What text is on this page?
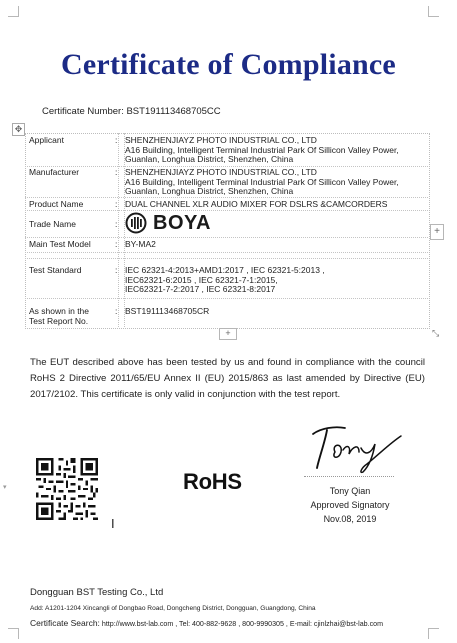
Certificate of Compliance
Certificate Number: BST191113468705CC
✥
Applicant	: SHENZHENJIAYZ PHOTO INDUSTRIAL CO., LTD
A16 Building, Intelligent Terminal Industrial Park Of Sillicon Valley Power,
Guanlan, Longhua District, Shenzhen, China
Manufacturer	: SHENZHENJIAYZ PHOTO INDUSTRIAL CO., LTD
A16 Building, Intelligent Terminal Industrial Park Of Sillicon Valley Power,
Guanlan, Longhua District, Shenzhen, China
Product Name	: DUAL CHANNEL XLR AUDIO MIXER FOR DSLRS &CAMCORDERS
Trade Name	: BOYA
Main Test Model	: BY-MA2
Test Standard	: IEC 62321-4:2013+AMD1:2017 , IEC 62321-5:2013 ,
IEC62321-6:2015 , IEC 62321-7-1:2015,
IEC62321-7-2:2017 , IEC 62321-8:2017
As shown in the
Test Report No.
: BST191113468705CR
+
+	⤡
The EUT described above has been tested by us and found in compliance with the council RoHS 2 Directive 2011/65/EU Annex II (EU) 2015/863 as last amended by Directive (EU) 2017/2102. This certificate is only valid in conjunction with the test report.
RoHS
I
Tony Qian
Approved Signatory
Nov.08, 2019
▾
Dongguan BST Testing Co., Ltd
Add: A1201-1204 Xincangli of Dongbao Road, Dongcheng District, Dongguan, Guangdong, China
Certificate Search: http://www.bst-lab.com , Tel: 400-882-9628 , 800-9990305 , E-mail: cjinlzhai@bst-lab.com
